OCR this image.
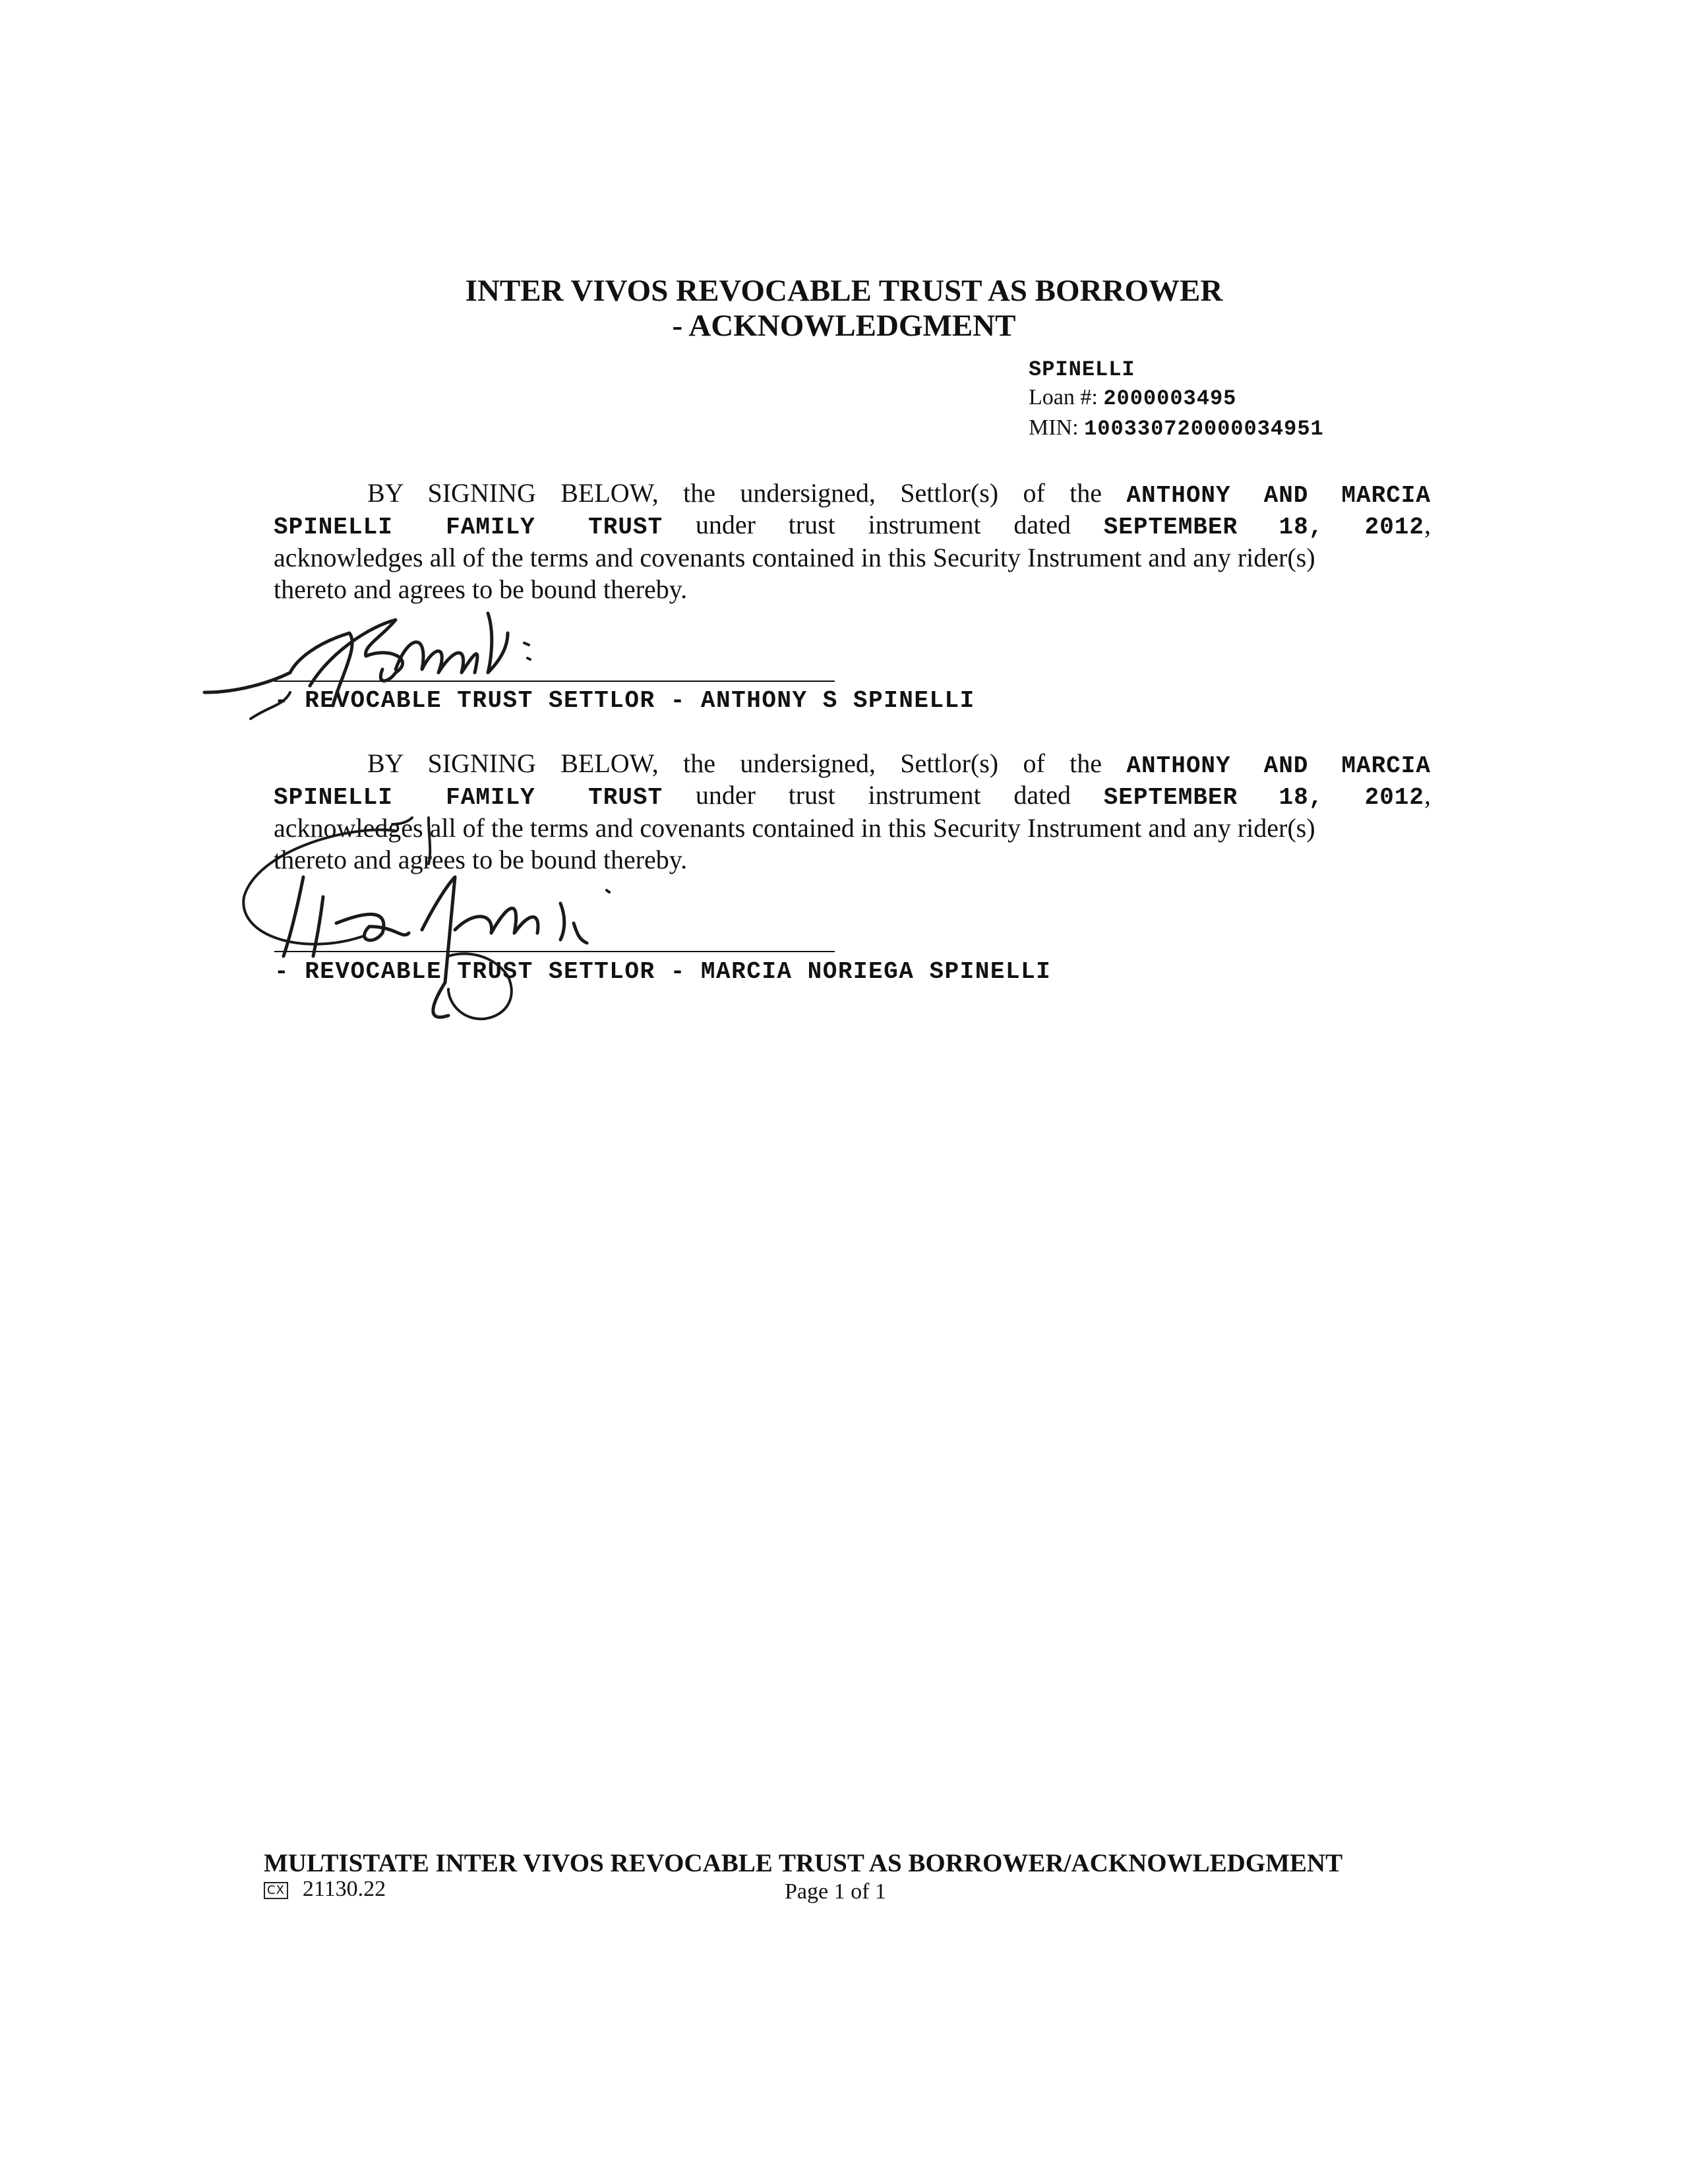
INTER VIVOS REVOCABLE TRUST AS BORROWER
- ACKNOWLEDGMENT
SPINELLI
Loan #: 2000003495
MIN: 100330720000034951
BY SIGNING BELOW, the undersigned, Settlor(s) of the ANTHONY AND MARCIA
SPINELLI FAMILY TRUST under trust instrument dated SEPTEMBER 18, 2012,
acknowledges all of the terms and covenants contained in this Security Instrument and any rider(s)
thereto and agrees to be bound thereby.
- REVOCABLE TRUST SETTLOR - ANTHONY S SPINELLI
BY SIGNING BELOW, the undersigned, Settlor(s) of the ANTHONY AND MARCIA
SPINELLI FAMILY TRUST under trust instrument dated SEPTEMBER 18, 2012,
acknowledges all of the terms and covenants contained in this Security Instrument and any rider(s)
thereto and agrees to be bound thereby.
- REVOCABLE TRUST SETTLOR - MARCIA NORIEGA SPINELLI
MULTISTATE INTER VIVOS REVOCABLE TRUST AS BORROWER/ACKNOWLEDGMENT
CX 21130.22	Page 1 of 1
